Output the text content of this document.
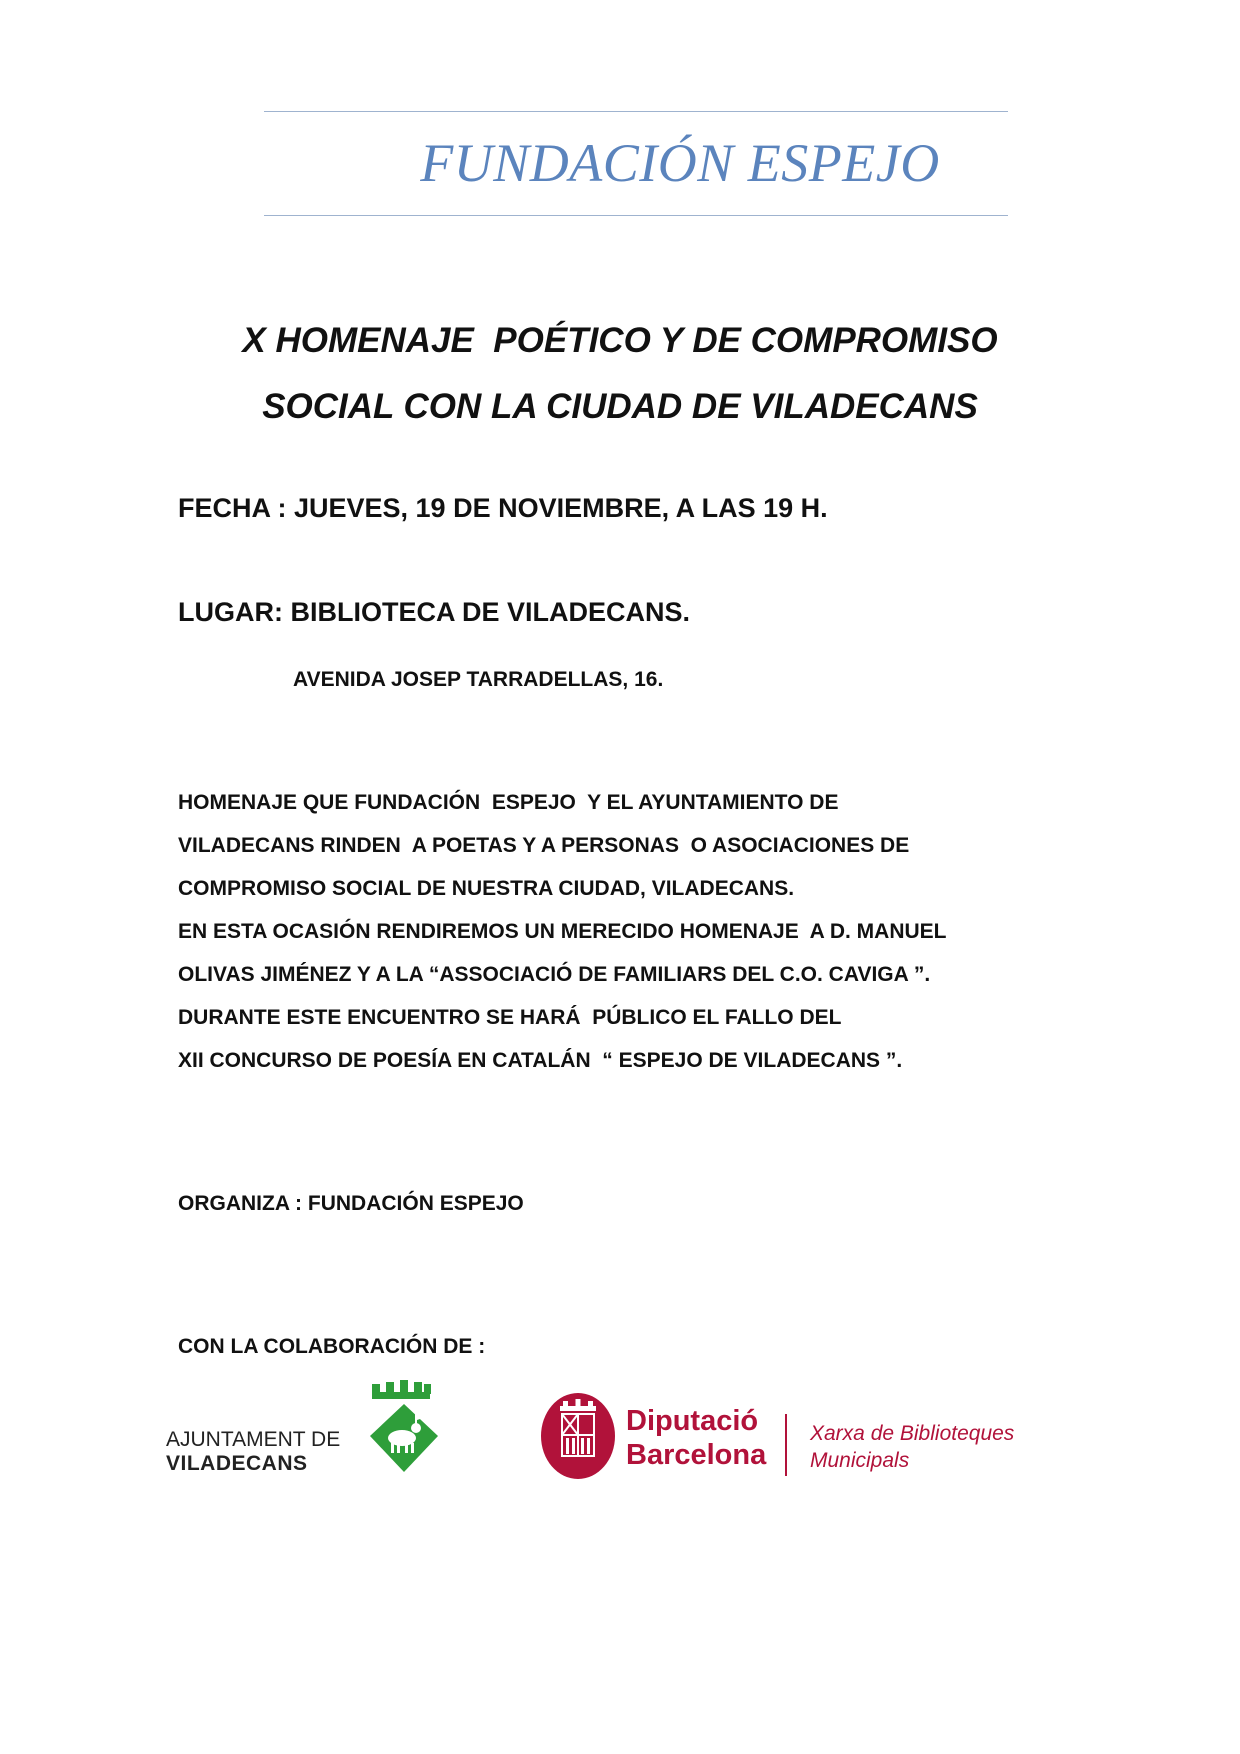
FUNDACIÓN ESPEJO
X HOMENAJE  POÉTICO Y DE COMPROMISO
SOCIAL CON LA CIUDAD DE VILADECANS
FECHA : JUEVES, 19 DE NOVIEMBRE, A LAS 19 H.
LUGAR: BIBLIOTECA DE VILADECANS.
AVENIDA JOSEP TARRADELLAS, 16.
HOMENAJE QUE FUNDACIÓN  ESPEJO  Y EL AYUNTAMIENTO DE
VILADECANS RINDEN  A POETAS Y A PERSONAS  O ASOCIACIONES DE
COMPROMISO SOCIAL DE NUESTRA CIUDAD, VILADECANS.
EN ESTA OCASIÓN RENDIREMOS UN MERECIDO HOMENAJE  A D. MANUEL
OLIVAS JIMÉNEZ Y A LA “ASSOCIACIÓ DE FAMILIARS DEL C.O. CAVIGA ”.
DURANTE ESTE ENCUENTRO SE HARÁ  PÚBLICO EL FALLO DEL
XII CONCURSO DE POESÍA EN CATALÁN  “ ESPEJO DE VILADECANS ”.
ORGANIZA : FUNDACIÓN ESPEJO
CON LA COLABORACIÓN DE :
AJUNTAMENT DE
VILADECANS
Diputació
Barcelona
Xarxa de Biblioteques
Municipals
